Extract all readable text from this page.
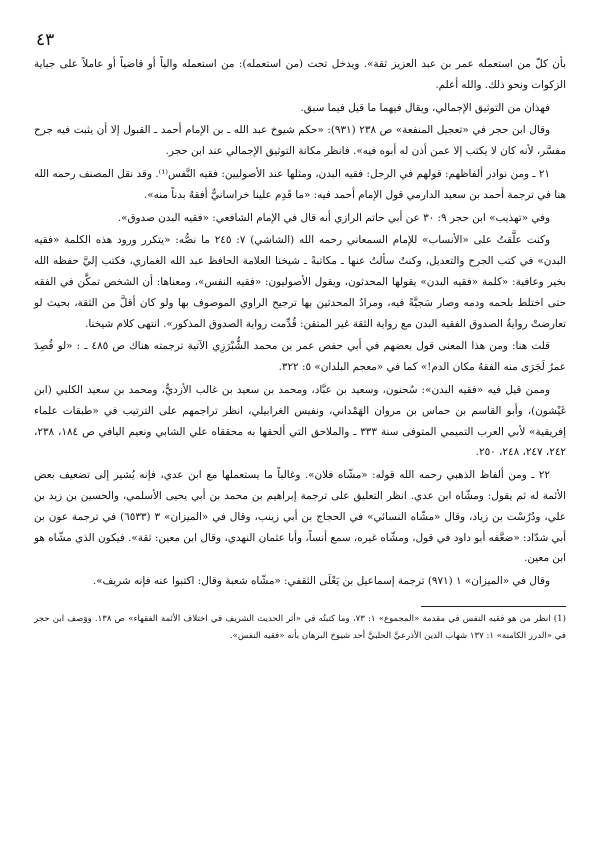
٤٣

بأن كلّ من استعمله عمر بن عبد العزيز ثقة». ويدخل تحت (من استعمله): من استعمله والياً أو قاضياً أو عاملاً على جباية الزكوات ونحو ذلك. والله أعلم.

فهذان من التوثيق الإجمالي، ويقال فيهما ما قيل فيما سبق.

وقال ابن حجر في «تعجيل المنفعة» ص ٢٣٨ (٩٣١): «حكم شيوخ عبد الله ـ بن الإمام أحمد ـ القبول إلا أن يثبت فيه جرح مفسَّر، لأنه كان لا يكتب إلا عمن أذن له أبوه فيه». فانظر مكانة التوثيق الإجمالي عند ابن حجر.

٢١ ـ ومن نوادر ألفاظهم: قولهم في الرجل: فقيه البدن، ومثلها عند الأصوليين: فقيه النَّفس⁽¹⁾. وقد نقل المصنف رحمه الله هنا في ترجمة أحمد بن سعيد الدارمي قول الإمام أحمد فيه: «ما قَدِم علينا خراسانيٌّ أفقهُ بدناً منه».

وفي «تهذيب» ابن حجر ٩: ٣٠ عن أبي حاتم الرازي أنه قال في الإمام الشافعي: «فقيه البدن صدوق».

وكنت علَّقتُ على «الأنساب» للإمام السمعاني رحمه الله (الشاشي) ٧: ٢٤٥ ما نصُّه: «يتكرر ورود هذه الكلمة «فقيه البدن» في كتب الجرح والتعديل، وكنتُ سألتُ عنها ـ مكاتبةً ـ شيخنا العلامة الحافظ عبد الله الغماري، فكتب إليَّ حفظه الله بخير وعافية: «كلمة «فقيه البدن» يقولها المحدثون، ويقول الأصوليون: «فقيه النفس»، ومعناها: أن الشخص تمكَّن في الفقه حتى اختلط بلحمه ودمه وصار سَجيَّةً فيه، ومرادُ المحدثين بها ترجيح الراوي الموصوف بها ولو كان أقلَّ من الثقة، بحيث لو تعارضتْ روايةُ الصدوق الفقيه البدن مع رواية الثقة غير المتقن: قُدِّمت رواية الصدوق المذكور». انتهى كلام شيخنا.

قلت هنا: ومن هذا المعنى قول بعضهم في أبي حفص عمر بن محمد الشُّبْرَزِي الآتية ترجمته هناك ص ٤٨٥ ـ : «لو قُصِدَ عمرُ لَجَرَى منه الفقهُ مكان الدم!» كما في «معجم البلدان» ٥: ٣٢٢.

وممن قيل فيه «فقيه البدن»: سُحنون، وسعيد بن عبَّاد، ومحمد بن سعيد بن غالب الأزديُّ، ومحمد بن سعيد الكلبي (ابن غَيْشون)، وأبو القاسم بن حماس بن مروان الهَمْداني، ونفيس الغرابيلي، انظر تراجمهم على الترتيب في «طبقات علماء إفريقية» لأبي العرب التميمي المتوفى سنة ٣٣٣ ـ والملاحق التي ألحقها به محققاه علي الشابي ونعيم اليافي ص ١٨٤، ٢٣٨، ٢٤٢، ٢٤٧، ٢٤٨، ٢٥٠.

٢٢ ـ ومن ألفاظ الذهبي رحمه الله قوله: «مشّاه فلان». وغالباً ما يستعملها مع ابن عدي، فإنه يُشير إلى تضعيف بعض الأئمة له ثم يقول: ومشّاه ابن عدي. انظر التعليق على ترجمة إبراهيم بن محمد بن أبي يحيى الأسلمي، والحسين بن زيد بن علي، ودُرُسْت بن زياد، وقال «مشّاه النسائي» في الحجاج بن أبي زينب، وقال في «الميزان» ٣ (٦٥٣٣) في ترجمة عون بن أبي شدّاد: «ضعَّفه أبو داود في قول، ومشّاه غيره، سمع أنساً، وأبا عثمان النهدي، وقال ابن معين: ثقة». فيكون الذي مشّاه هو ابن معين.

وقال في «الميزان» ١ (٩٧١) ترجمة إسماعيل بن يَعْلَى الثقفي: «مشّاه شعبة وقال: اكتبوا عنه فإنه شريف».

(1) انظر من هو فقيه النفس في مقدمة «المجموع» ١: ٧٣، وما كتبتُه في «أثر الحديث الشريف في اختلاف الأئمة الفقهاء» ص ١٣٨. ووَصف ابن حجر في «الدرر الكامنة» ١: ١٣٧ شهاب الدين الأذرعيَّ الحلبيَّ أحد شيوخ البرهان بأنه «فقيه النفس».
